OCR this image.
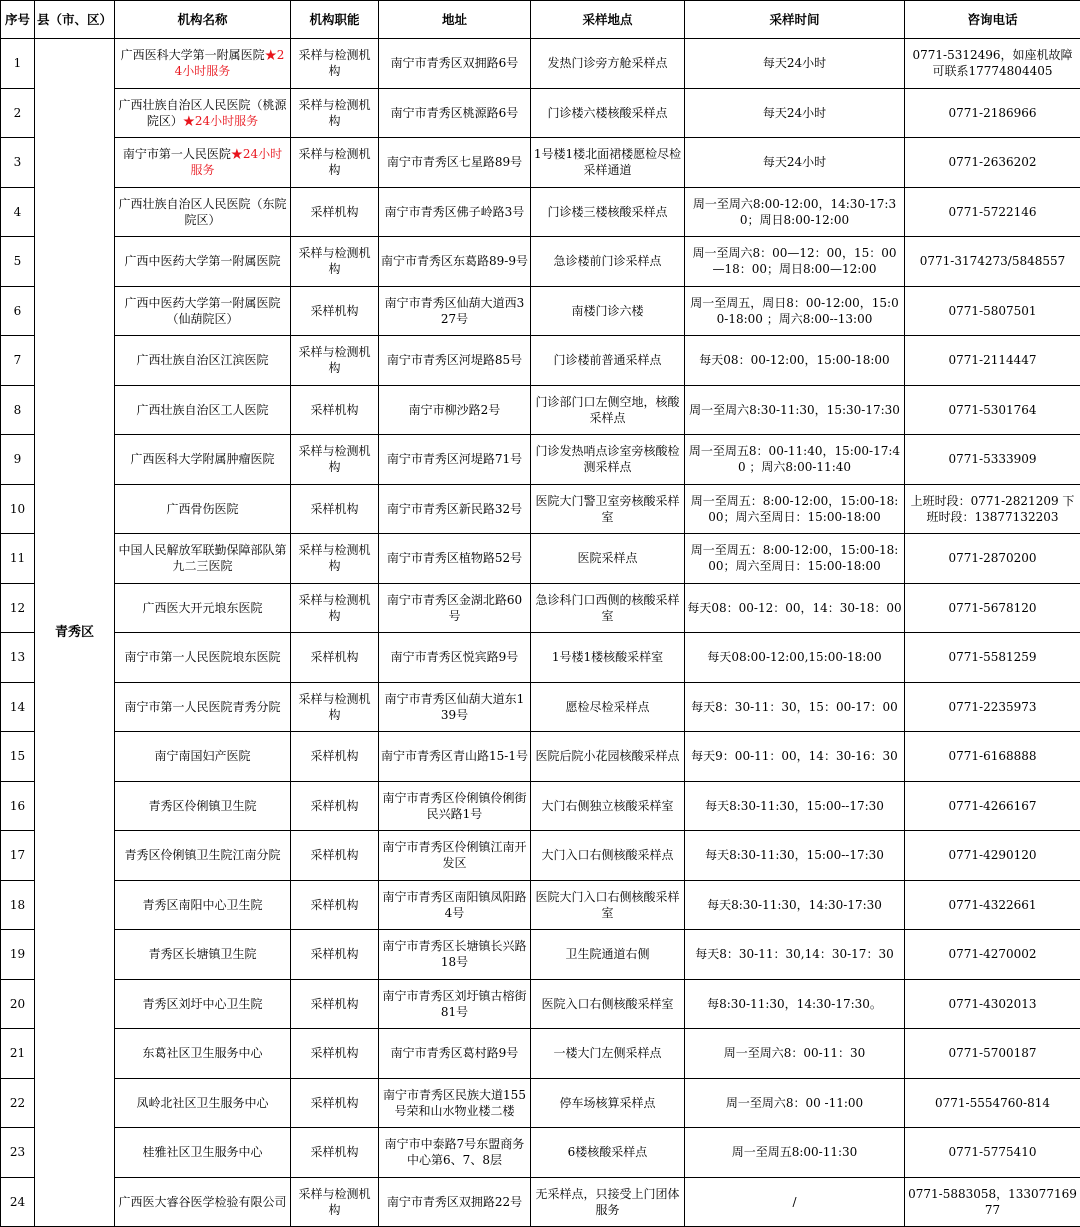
序号	县（市、区）	机构名称	机构职能	地址	采样地点	采样时间	咨询电话
1	青秀区	广西医科大学第一附属医院★24小时服务	采样与检测机构	南宁市青秀区双拥路6号	发热门诊旁方舱采样点	每天24小时	0771-5312496，如座机故障可联系17774804405
2		广西壮族自治区人民医院（桃源院区）★24小时服务	采样与检测机构	南宁市青秀区桃源路6号	门诊楼六楼核酸采样点	每天24小时	0771-2186966
3		南宁市第一人民医院★24小时服务	采样与检测机构	南宁市青秀区七星路89号	1号楼1楼北面裙楼愿检尽检采样通道	每天24小时	0771-2636202
4		广西壮族自治区人民医院（东院院区）	采样机构	南宁市青秀区佛子岭路3号	门诊楼三楼核酸采样点	周一至周六8:00-12:00，14:30-17:30；周日8:00-12:00	0771-5722146
5		广西中医药大学第一附属医院	采样与检测机构	南宁市青秀区东葛路89-9号	急诊楼前门诊采样点	周一至周六8：00—12：00，15：00—18：00；周日8:00—12:00	0771-3174273/5848557
6		广西中医药大学第一附属医院（仙葫院区）	采样机构	南宁市青秀区仙葫大道西327号	南楼门诊六楼	周一至周五，周日8：00-12:00，15:00-18:00 ；周六8:00--13:00	0771-5807501
7		广西壮族自治区江滨医院	采样与检测机构	南宁市青秀区河堤路85号	门诊楼前普通采样点	每天08：00-12:00，15:00-18:00	0771-2114447
8		广西壮族自治区工人医院	采样机构	南宁市柳沙路2号	门诊部门口左侧空地，核酸采样点	周一至周六8:30-11:30，15:30-17:30	0771-5301764
9		广西医科大学附属肿瘤医院	采样与检测机构	南宁市青秀区河堤路71号	门诊发热哨点诊室旁核酸检测采样点	周一至周五8：00-11:40，15:00-17:40 ；周六8:00-11:40	0771-5333909
10		广西骨伤医院	采样机构	南宁市青秀区新民路32号	医院大门警卫室旁核酸采样室	周一至周五：8:00-12:00，15:00-18:00；周六至周日：15:00-18:00	上班时段：0771-2821209 下班时段：13877132203
11		中国人民解放军联勤保障部队第九二三医院	采样与检测机构	南宁市青秀区植物路52号	医院采样点	周一至周五：8:00-12:00，15:00-18:00；周六至周日：15:00-18:00	0771-2870200
12		广西医大开元埌东医院	采样与检测机构	南宁市青秀区金湖北路60号	急诊科门口西侧的核酸采样室	每天08：00-12：00，14：30-18：00	0771-5678120
13		南宁市第一人民医院埌东医院	采样机构	南宁市青秀区悦宾路9号	1号楼1楼核酸采样室	每天08:00-12:00,15:00-18:00	0771-5581259
14		南宁市第一人民医院青秀分院	采样与检测机构	南宁市青秀区仙葫大道东139号	愿检尽检采样点	每天8：30-11：30，15：00-17：00	0771-2235973
15		南宁南国妇产医院	采样机构	南宁市青秀区青山路15-1号	医院后院小花园核酸采样点	每天9：00-11：00，14：30-16：30	0771-6168888
16		青秀区伶俐镇卫生院	采样机构	南宁市青秀区伶俐镇伶俐街民兴路1号	大门右侧独立核酸采样室	每天8:30-11:30，15:00--17:30	0771-4266167
17		青秀区伶俐镇卫生院江南分院	采样机构	南宁市青秀区伶俐镇江南开发区	大门入口右侧核酸采样点	每天8:30-11:30，15:00--17:30	0771-4290120
18		青秀区南阳中心卫生院	采样机构	南宁市青秀区南阳镇凤阳路4号	医院大门入口右侧核酸采样室	每天8:30-11:30，14:30-17:30	0771-4322661
19		青秀区长塘镇卫生院	采样机构	南宁市青秀区长塘镇长兴路18号	卫生院通道右侧	每天8：30-11：30,14：30-17：30	0771-4270002
20		青秀区刘圩中心卫生院	采样机构	南宁市青秀区刘圩镇古榕街81号	医院入口右侧核酸采样室	每8:30-11:30，14:30-17:30。	0771-4302013
21		东葛社区卫生服务中心	采样机构	南宁市青秀区葛村路9号	一楼大门左侧采样点	周一至周六8：00-11：30	0771-5700187
22		凤岭北社区卫生服务中心	采样机构	南宁市青秀区民族大道155号荣和山水物业楼二楼	停车场核算采样点	周一至周六8：00 -11:00	0771-5554760-814
23		桂雅社区卫生服务中心	采样机构	南宁市中泰路7号东盟商务中心第6、7、8层	6楼核酸采样点	周一至周五8:00-11:30	0771-5775410
24		广西医大睿谷医学检验有限公司	采样与检测机构	南宁市青秀区双拥路22号	无采样点，只接受上门团体服务	/	0771-5883058，13307716977
